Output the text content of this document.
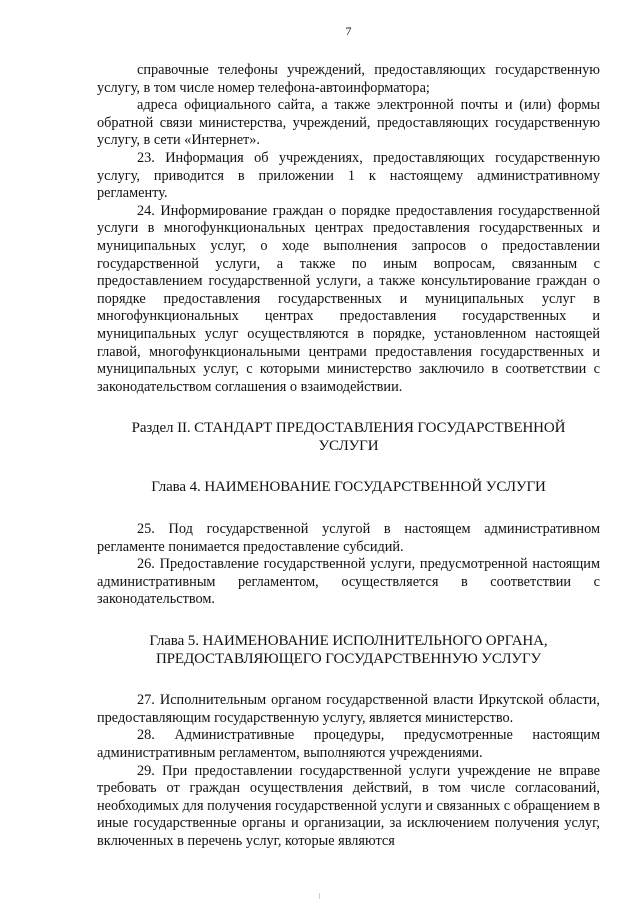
7

справочные телефоны учреждений, предоставляющих государственную услугу, в том числе номер телефона-автоинформатора;

адреса официального сайта, а также электронной почты и (или) формы обратной связи министерства, учреждений, предоставляющих государственную услугу, в сети «Интернет».

23. Информация об учреждениях, предоставляющих государственную услугу, приводится в приложении 1 к настоящему административному регламенту.

24. Информирование граждан о порядке предоставления государственной услуги в многофункциональных центрах предоставления государственных и муниципальных услуг, о ходе выполнения запросов о предоставлении государственной услуги, а также по иным вопросам, связанным с предоставлением государственной услуги, а также консультирование граждан о порядке предоставления государственных и муниципальных услуг в многофункциональных центрах предоставления государственных и муниципальных услуг осуществляются в порядке, установленном настоящей главой, многофункциональными центрами предоставления государственных и муниципальных услуг, с которыми министерство заключило в соответствии с законодательством соглашения о взаимодействии.

Раздел II. СТАНДАРТ ПРЕДОСТАВЛЕНИЯ ГОСУДАРСТВЕННОЙ УСЛУГИ
Глава 4. НАИМЕНОВАНИЕ ГОСУДАРСТВЕННОЙ УСЛУГИ

25. Под государственной услугой в настоящем административном регламенте понимается предоставление субсидий.

26. Предоставление государственной услуги, предусмотренной настоящим административным регламентом, осуществляется в соответствии с законодательством.

Глава 5. НАИМЕНОВАНИЕ ИСПОЛНИТЕЛЬНОГО ОРГАНА, ПРЕДОСТАВЛЯЮЩЕГО ГОСУДАРСТВЕННУЮ УСЛУГУ

27. Исполнительным органом государственной власти Иркутской области, предоставляющим государственную услугу, является министерство.

28. Административные процедуры, предусмотренные настоящим административным регламентом, выполняются учреждениями.

29. При предоставлении государственной услуги учреждение не вправе требовать от граждан осуществления действий, в том числе согласований, необходимых для получения государственной услуги и связанных с обращением в иные государственные органы и организации, за исключением получения услуг, включенных в перечень услуг, которые являются
